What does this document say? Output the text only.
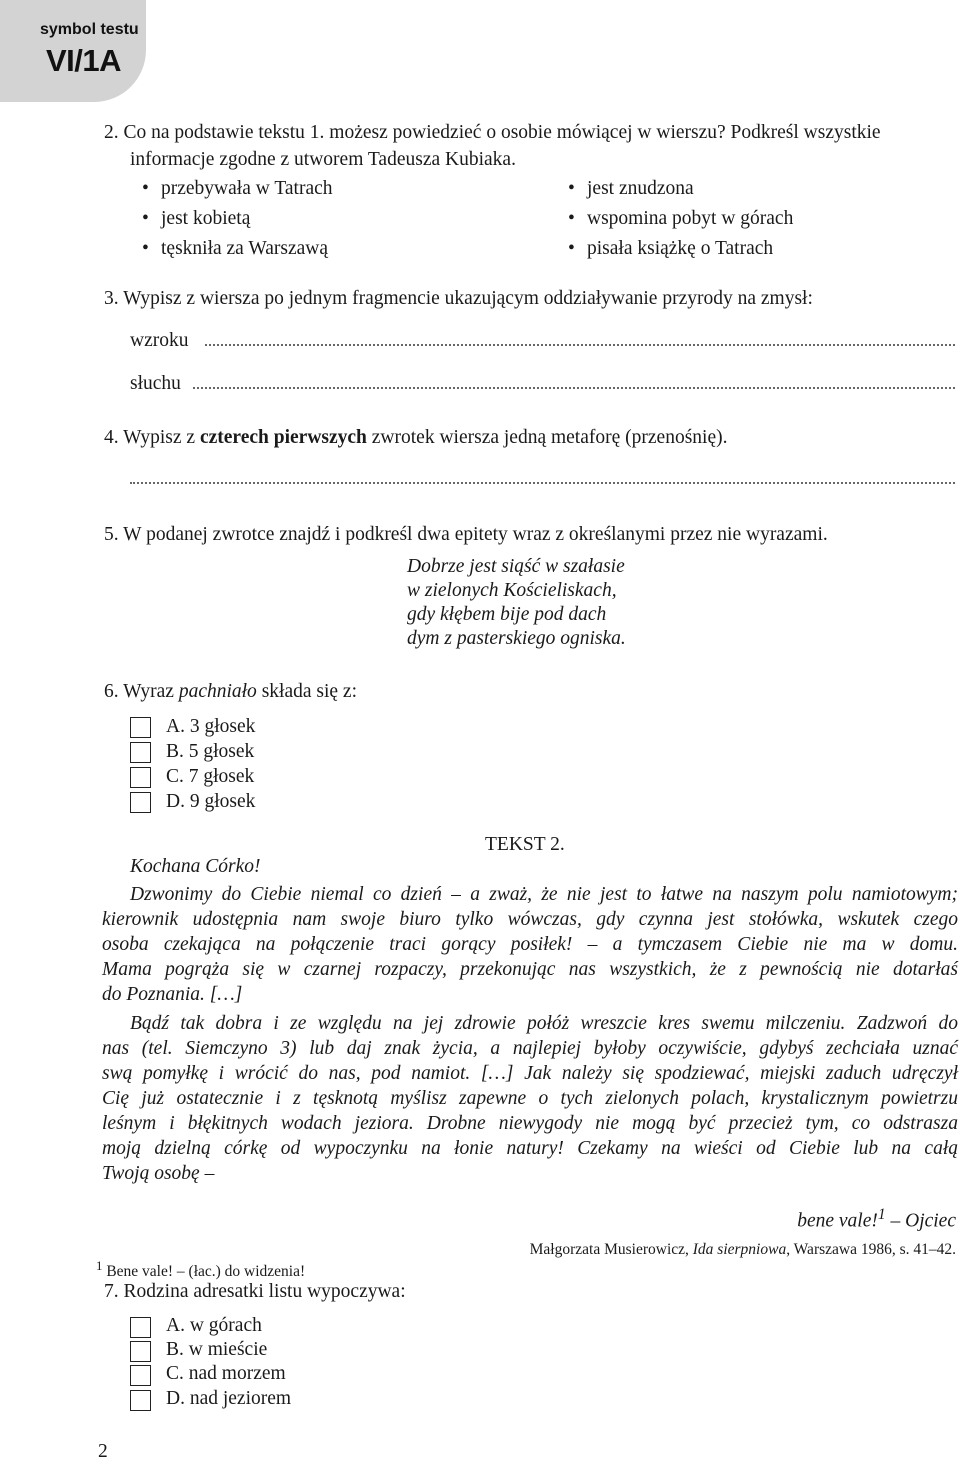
symbol testu
VI/1A
2. Co na podstawie tekstu 1. możesz powiedzieć o osobie mówiącej w wierszu? Podkreśl wszystkie
informacje zgodne z utworem Tadeusza Kubiaka.
• przebywała w Tatrach
• jest kobietą
• tęskniła za Warszawą
• jest znudzona
• wspomina pobyt w górach
• pisała książkę o Tatrach
3. Wypisz z wiersza po jednym fragmencie ukazującym oddziaływanie przyrody na zmysł:
wzroku
słuchu
4. Wypisz z czterech pierwszych zwrotek wiersza jedną metaforę (przenośnię).
5. W podanej zwrotce znajdź i podkreśl dwa epitety wraz z określanymi przez nie wyrazami.
Dobrze jest siąść w szałasie
w zielonych Kościeliskach,
gdy kłębem bije pod dach
dym z pasterskiego ogniska.
6. Wyraz pachniało składa się z:
A. 3 głosek
B. 5 głosek
C. 7 głosek
D. 9 głosek
TEKST 2.
Kochana Córko!
Dzwonimy do Ciebie niemal co dzień – a zważ, że nie jest to łatwe na naszym polu namiotowym;
kierownik udostępnia nam swoje biuro tylko wówczas, gdy czynna jest stołówka, wskutek czego
osoba czekająca na połączenie traci gorący posiłek! – a tymczasem Ciebie nie ma w domu.
Mama pogrąża się w czarnej rozpaczy, przekonując nas wszystkich, że z pewnością nie dotarłaś
do Poznania. […]
Bądź tak dobra i ze względu na jej zdrowie połóż wreszcie kres swemu milczeniu. Zadzwoń do
nas (tel. Siemczyno 3) lub daj znak życia, a najlepiej byłoby oczywiście, gdybyś zechciała uznać
swą pomyłkę i wrócić do nas, pod namiot. […] Jak należy się spodziewać, miejski zaduch udręczył
Cię już ostatecznie i z tęsknotą myślisz zapewne o tych zielonych polach, krystalicznym powietrzu
leśnym i błękitnych wodach jeziora. Drobne niewygody nie mogą być przecież tym, co odstrasza
moją dzielną córkę od wypoczynku na łonie natury! Czekamy na wieści od Ciebie lub na całą
Twoją osobę –
bene vale!$^1$ – Ojciec
Małgorzata Musierowicz, Ida sierpniowa, Warszawa 1986, s. 41–42.
$^1$ Bene vale! – (łac.) do widzenia!
7. Rodzina adresatki listu wypoczywa:
A. w górach
B. w mieście
C. nad morzem
D. nad jeziorem
2
